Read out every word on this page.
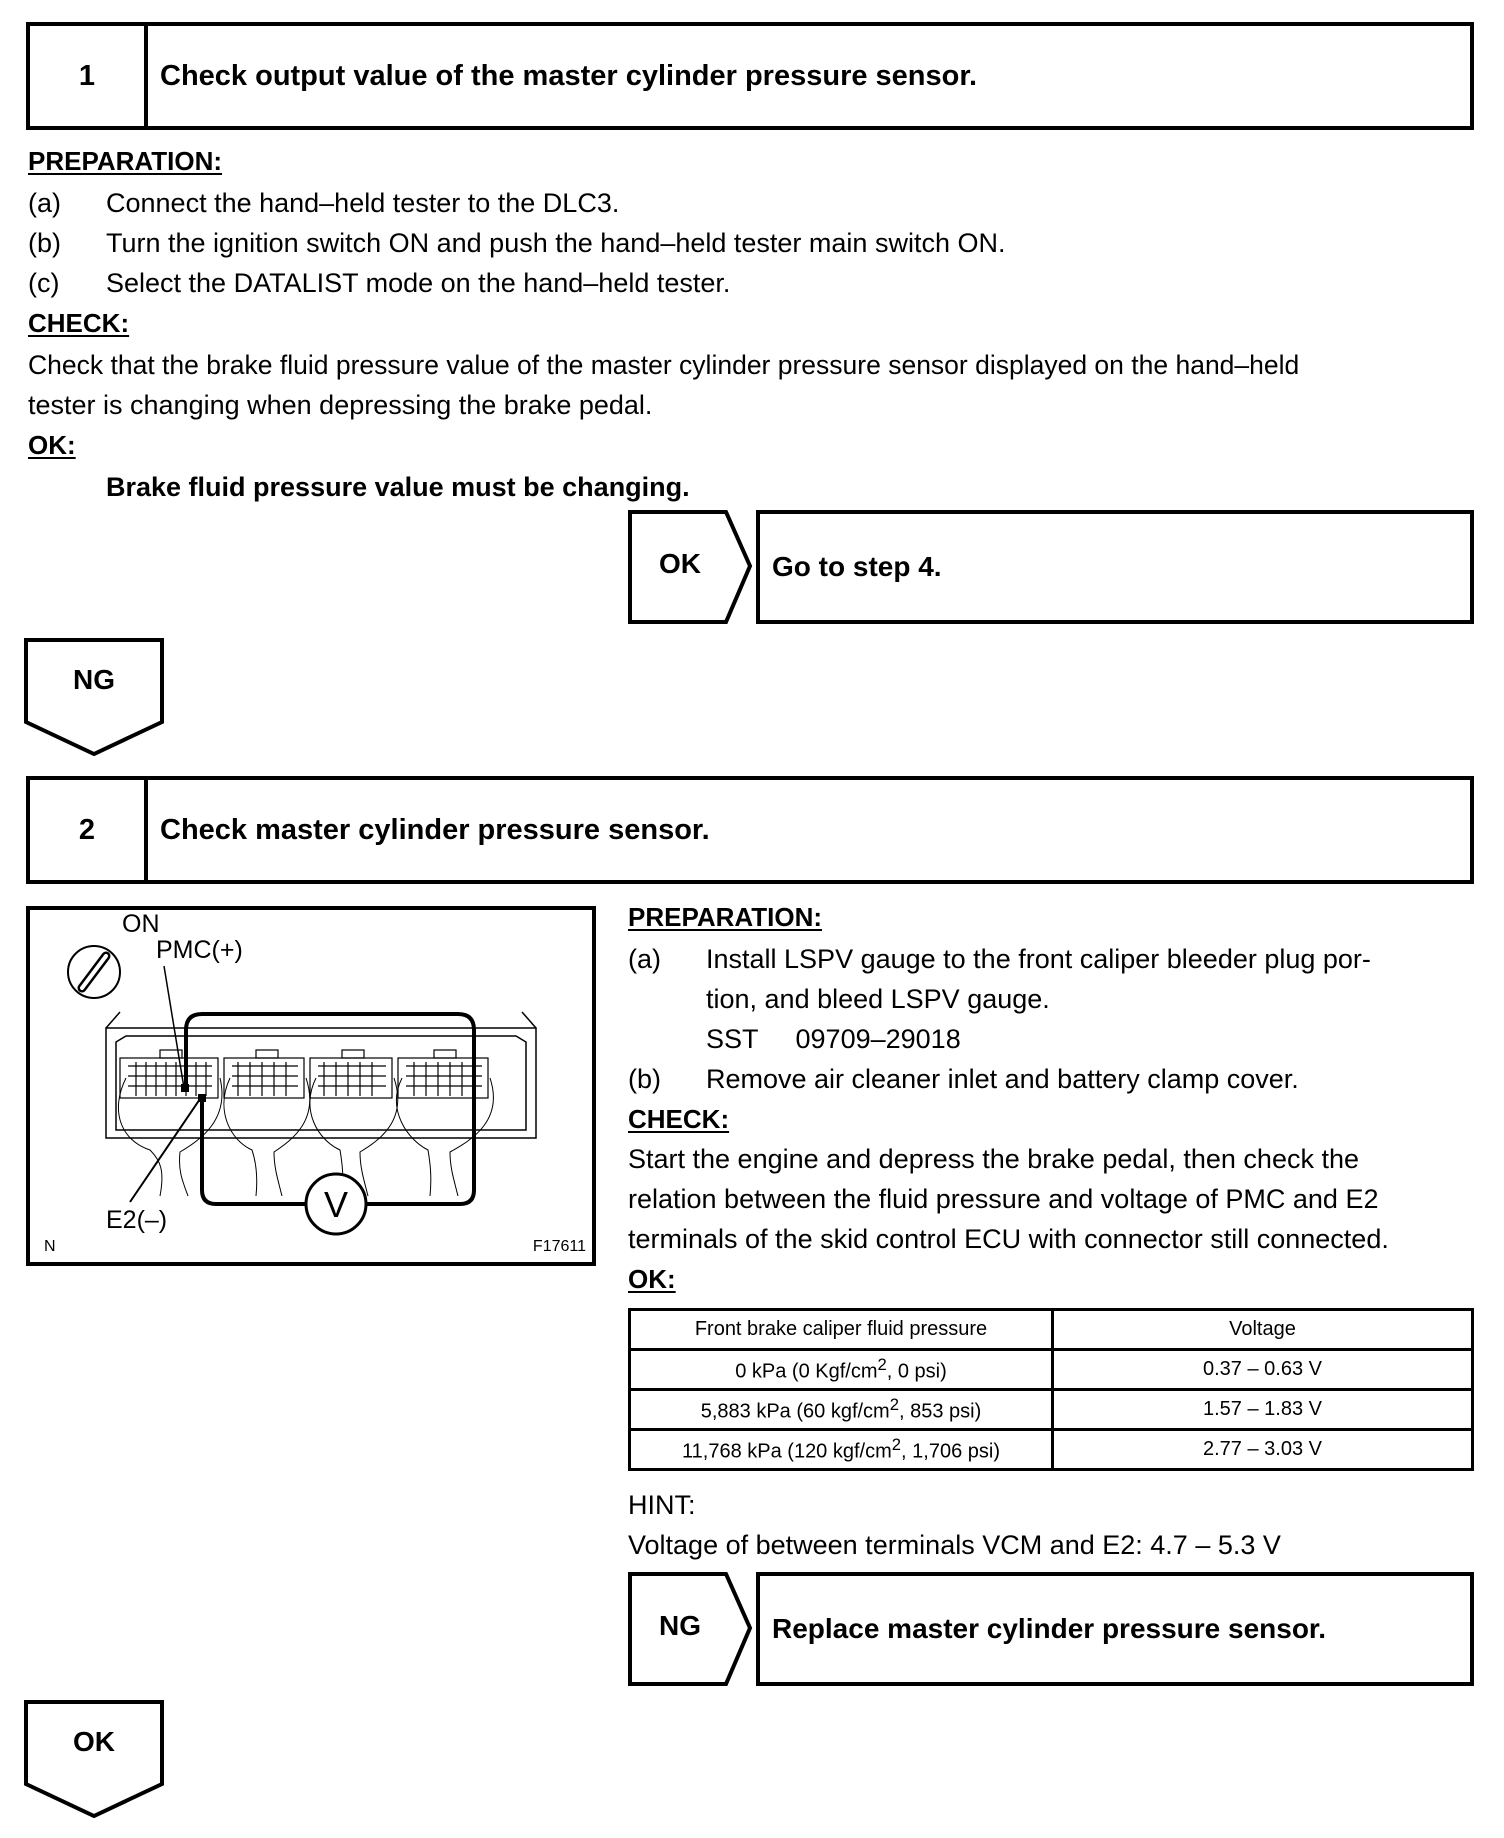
1	Check output value of the master cylinder pressure sensor.
PREPARATION:
(a) Connect the hand–held tester to the DLC3.
(b) Turn the ignition switch ON and push the hand–held tester main switch ON.
(c) Select the DATALIST mode on the hand–held tester.
CHECK:
Check that the brake fluid pressure value of the master cylinder pressure sensor displayed on the hand–held
tester is changing when depressing the brake pedal.
OK:
Brake fluid pressure value must be changing.
OK	Go to step 4.
NG
2	Check master cylinder pressure sensor.
ON
PMC(+)
E2(–)	V
N	F17611
PREPARATION:
(a) Install LSPV gauge to the front caliper bleeder plug por-
tion, and bleed LSPV gauge.
SST     09709–29018
(b) Remove air cleaner inlet and battery clamp cover.
CHECK:
Start the engine and depress the brake pedal, then check the
relation between the fluid pressure and voltage of PMC and E2
terminals of the skid control ECU with connector still connected.
OK:
Front brake caliper fluid pressure	Voltage
0 kPa (0 Kgf/$cm^2$, 0 psi)	0.37 – 0.63 V
5,883 kPa (60 kgf/$cm^2$, 853 psi)	1.57 – 1.83 V
11,768 kPa (120 kgf/$cm^2$, 1,706 psi)	2.77 – 3.03 V
HINT:
Voltage of between terminals VCM and E2: 4.7 – 5.3 V
NG	Replace master cylinder pressure sensor.
OK
